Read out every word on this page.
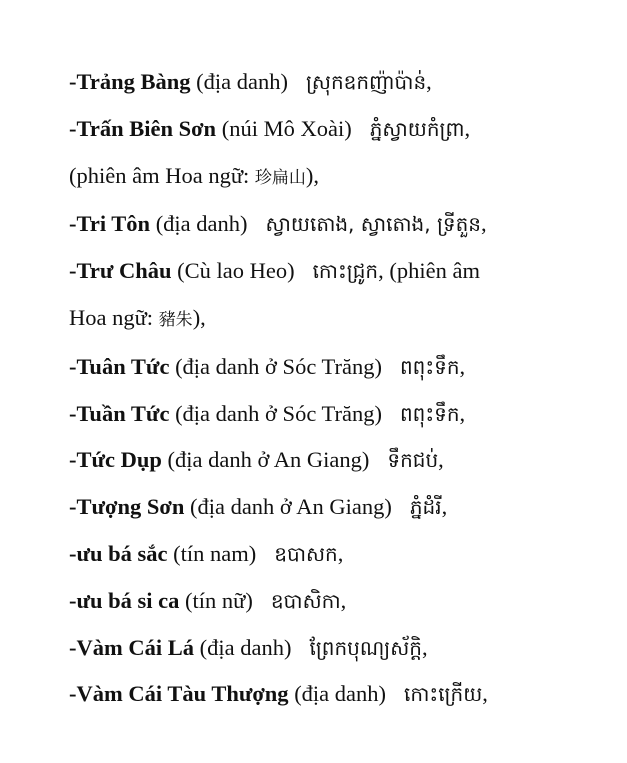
-Trảng Bàng (địa danh) ស្រុកឧកញ៉ាប៉ាន់,
-Trấn Biên Sơn (núi Mô Xoài) ភ្នំស្វាយកំព្រា,
(phiên âm Hoa ngữ: 珍扁山),
-Tri Tôn (địa danh) ស្វាយតោង, ស្វាតោង, ទ្រីតួន,
-Trư Châu (Cù lao Heo) កោះជ្រូក, (phiên âm
Hoa ngữ: 豬朱),
-Tuân Tức (địa danh ở Sóc Trăng) ពពុះទឹក,
-Tuần Tức (địa danh ở Sóc Trăng) ពពុះទឹក,
-Tức Dụp (địa danh ở An Giang) ទឹកជប់,
-Tượng Sơn (địa danh ở An Giang) ភ្នំដំរី,
-ưu bá sắc (tín nam) ឧបាសក,
-ưu bá si ca (tín nữ) ឧបាសិកា,
-Vàm Cái Lá (địa danh) ព្រែកបុណ្យស័ក្តិ,
-Vàm Cái Tàu Thượng (địa danh) កោះក្រើយ,
